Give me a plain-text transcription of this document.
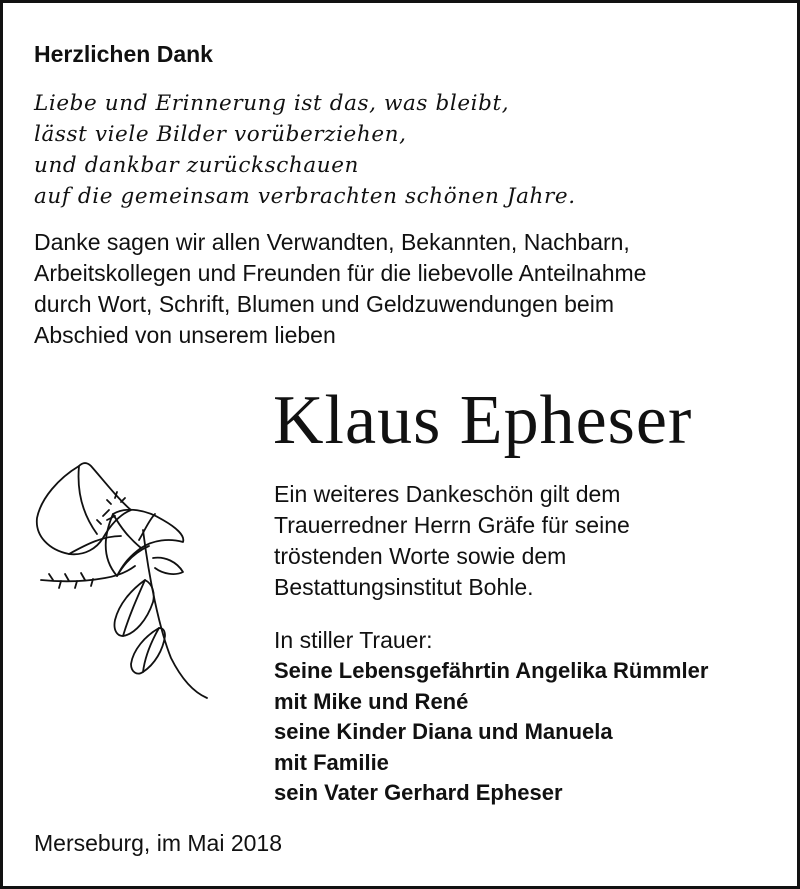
Herzlichen Dank
Liebe und Erinnerung ist das, was bleibt,
lässt viele Bilder vorüberziehen,
und dankbar zurückschauen
auf die gemeinsam verbrachten schönen Jahre.
Danke sagen wir allen Verwandten, Bekannten, Nachbarn,
Arbeitskollegen und Freunden für die liebevolle Anteilnahme
durch Wort, Schrift, Blumen und Geldzuwendungen beim
Abschied von unserem lieben
Klaus Epheser
Ein weiteres Dankeschön gilt dem
Trauerredner Herrn Gräfe für seine
tröstenden Worte sowie dem
Bestattungsinstitut Bohle.
In stiller Trauer:
Seine Lebensgefährtin Angelika Rümmler
mit Mike und René
seine Kinder Diana und Manuela
mit Familie
sein Vater Gerhard Epheser
Merseburg, im Mai 2018
